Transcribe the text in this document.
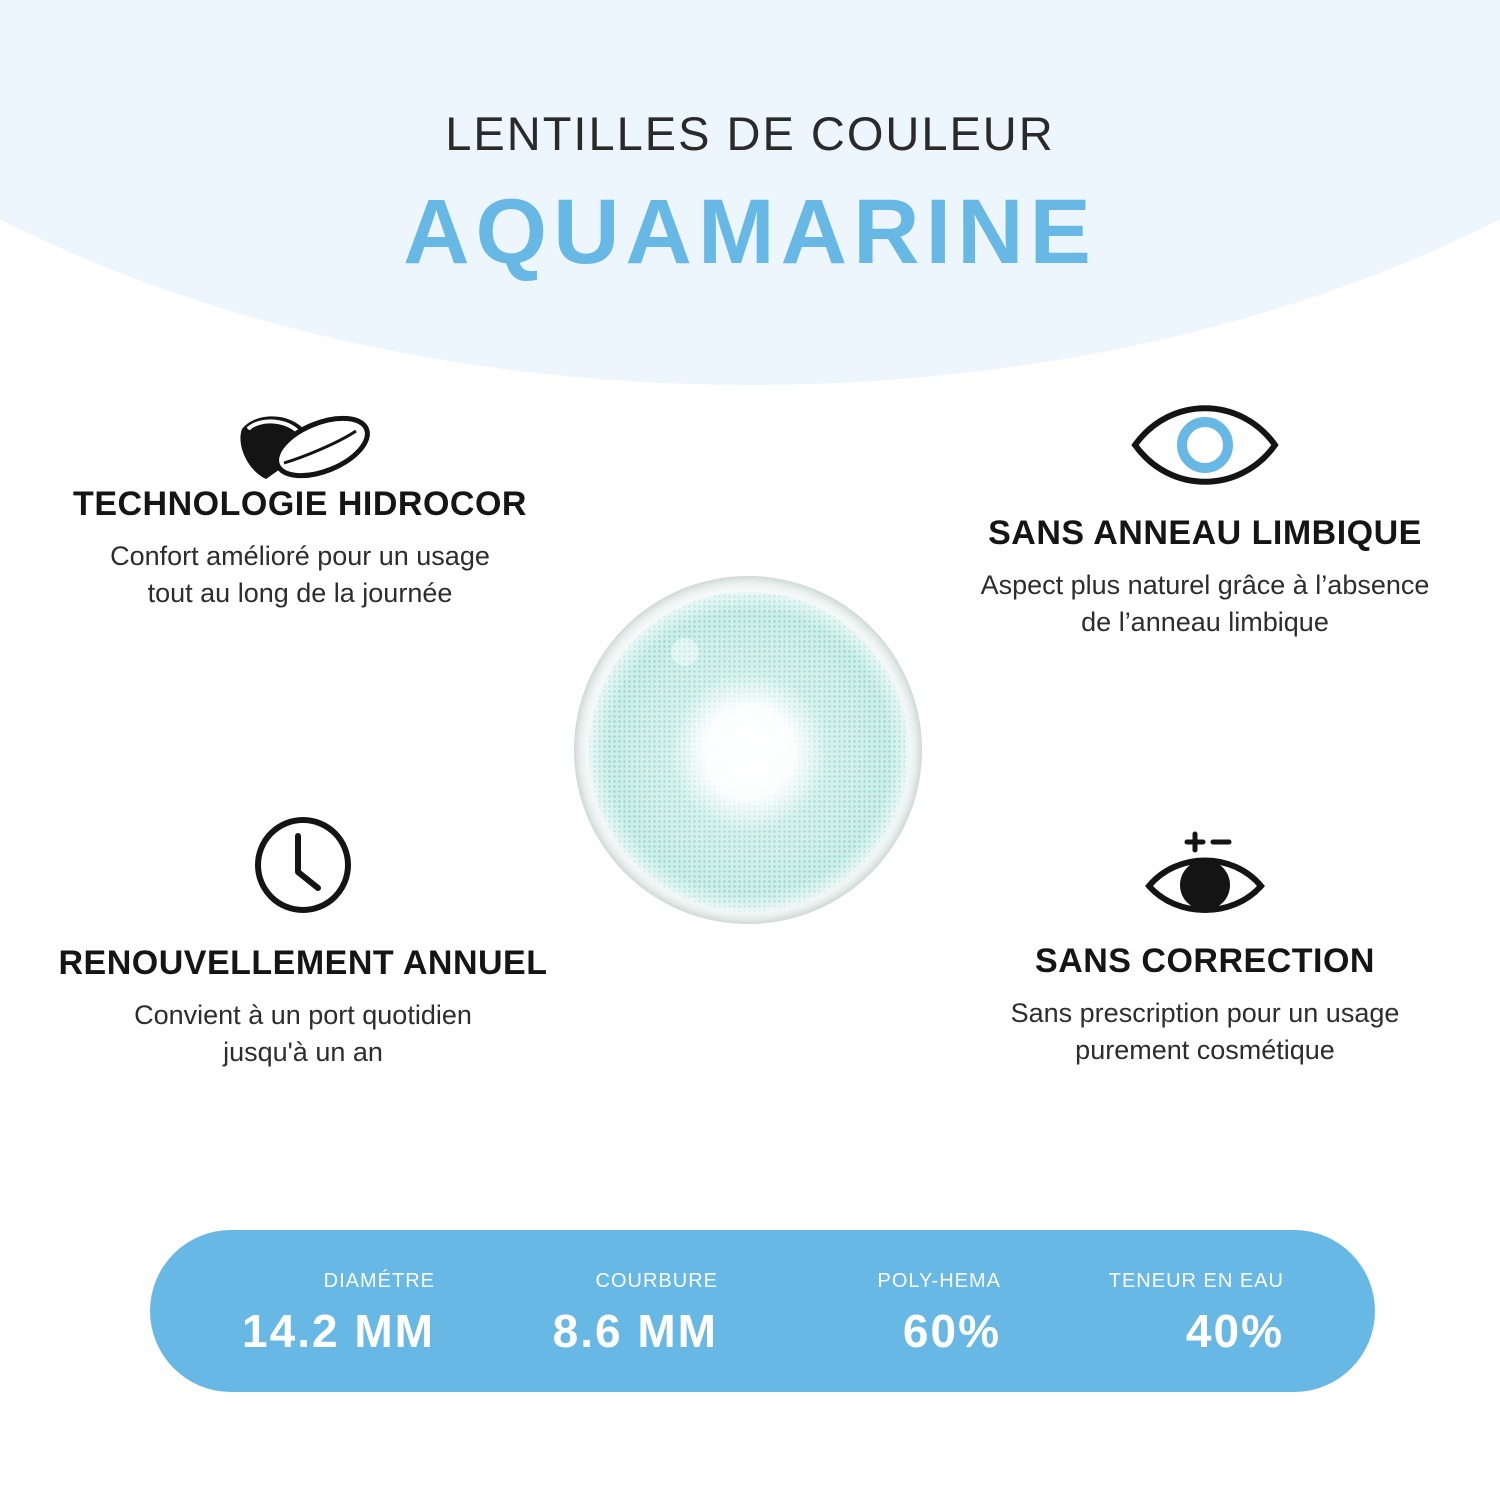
LENTILLES DE COULEUR
AQUAMARINE
TECHNOLOGIE HIDROCOR

Confort amélioré pour un usage
tout au long de la journée

SANS ANNEAU LIMBIQUE

Aspect plus naturel grâce à l’absence
de l’anneau limbique

RENOUVELLEMENT ANNUEL

Convient à un port quotidien
jusqu'à un an

SANS CORRECTION

Sans prescription pour un usage
purement cosmétique

DIAMÉTRE
14.2 MM
COURBURE
8.6 MM
POLY-HEMA
60%
TENEUR EN EAU
40%
